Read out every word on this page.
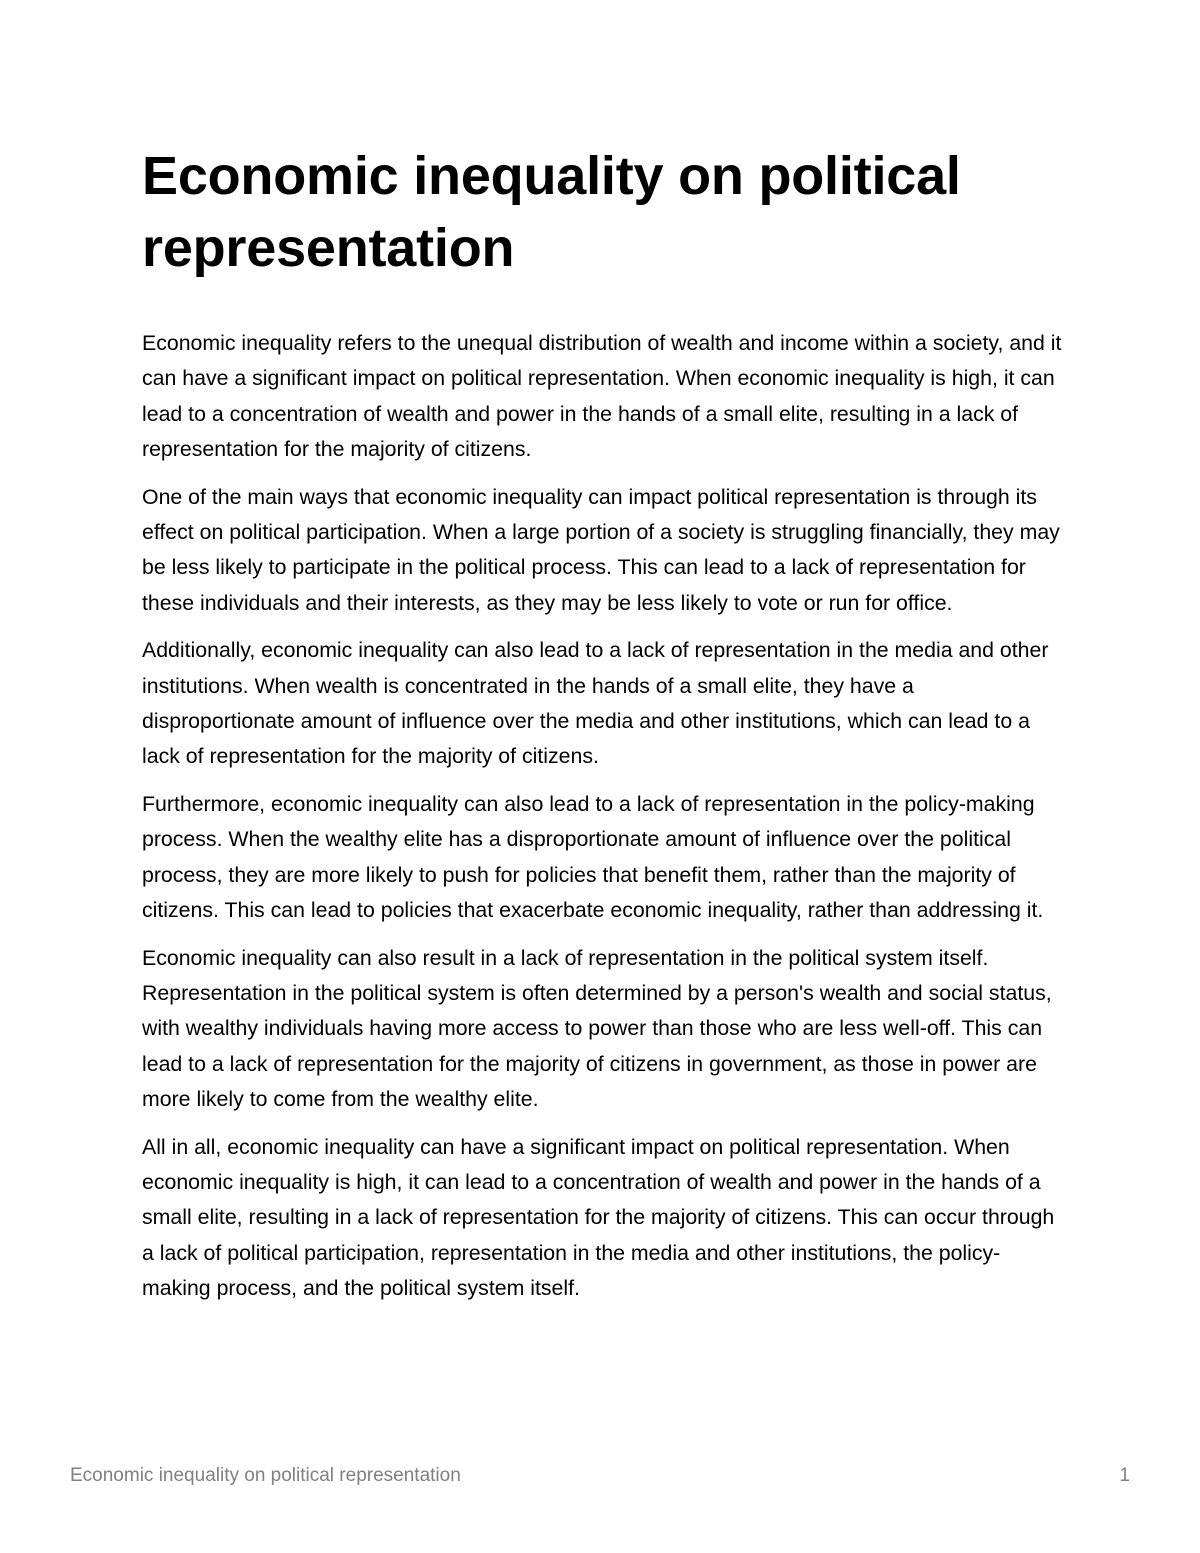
Economic inequality on political representation

Economic inequality refers to the unequal distribution of wealth and income within a society, and it can have a significant impact on political representation. When economic inequality is high, it can lead to a concentration of wealth and power in the hands of a small elite, resulting in a lack of representation for the majority of citizens.

One of the main ways that economic inequality can impact political representation is through its effect on political participation. When a large portion of a society is struggling financially, they may be less likely to participate in the political process. This can lead to a lack of representation for these individuals and their interests, as they may be less likely to vote or run for office.

Additionally, economic inequality can also lead to a lack of representation in the media and other institutions. When wealth is concentrated in the hands of a small elite, they have a disproportionate amount of influence over the media and other institutions, which can lead to a lack of representation for the majority of citizens.

Furthermore, economic inequality can also lead to a lack of representation in the policy-making process. When the wealthy elite has a disproportionate amount of influence over the political process, they are more likely to push for policies that benefit them, rather than the majority of citizens. This can lead to policies that exacerbate economic inequality, rather than addressing it.

Economic inequality can also result in a lack of representation in the political system itself. Representation in the political system is often determined by a person's wealth and social status, with wealthy individuals having more access to power than those who are less well-off. This can lead to a lack of representation for the majority of citizens in government, as those in power are more likely to come from the wealthy elite.

All in all, economic inequality can have a significant impact on political representation. When economic inequality is high, it can lead to a concentration of wealth and power in the hands of a small elite, resulting in a lack of representation for the majority of citizens. This can occur through a lack of political participation, representation in the media and other institutions, the policy-making process, and the political system itself.

Economic inequality on political representation	1
